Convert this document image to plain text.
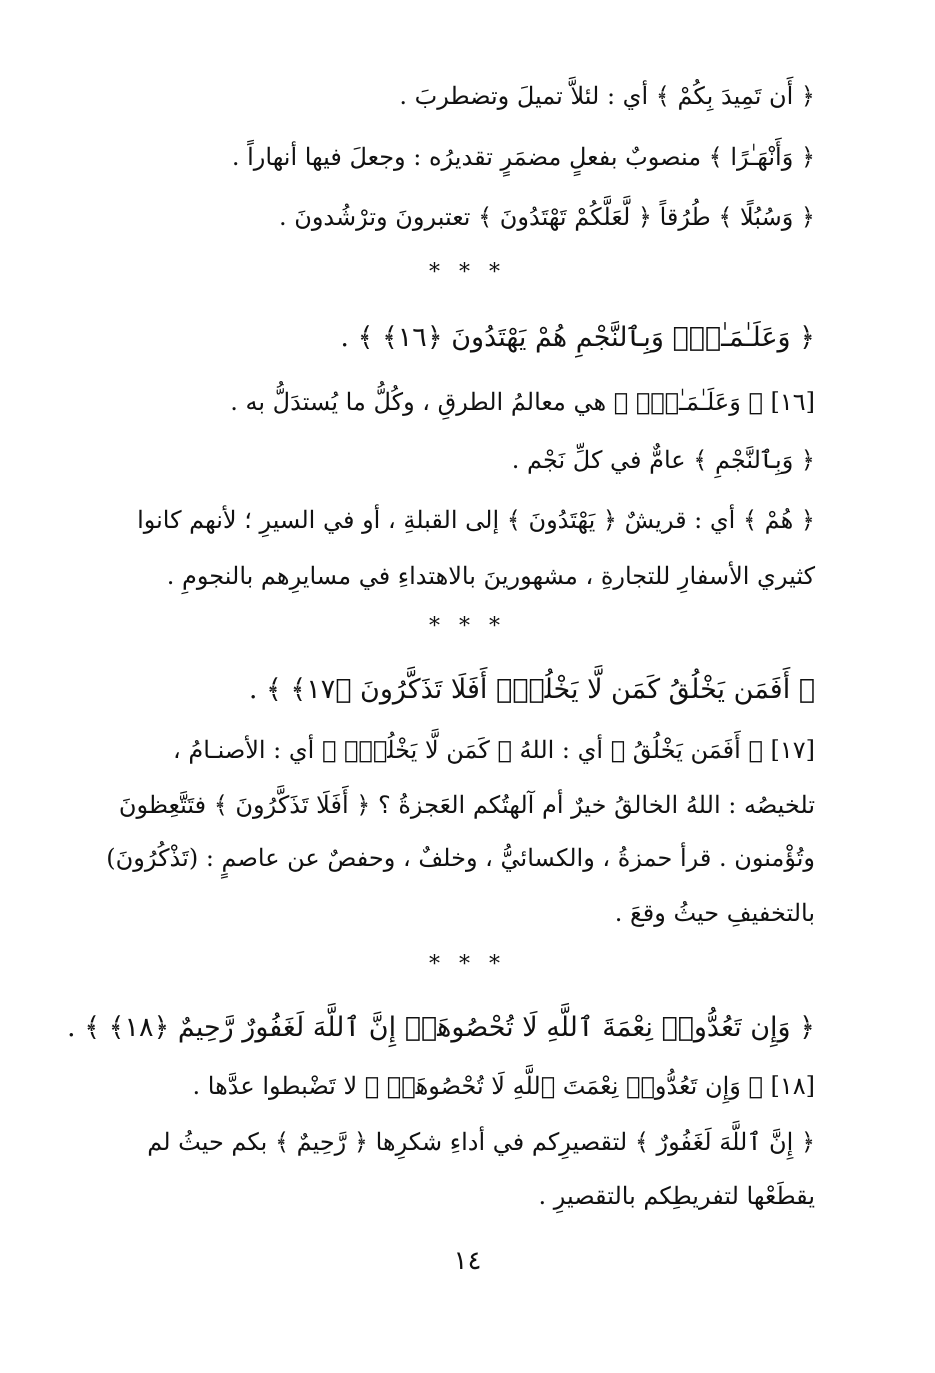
﴿ أَن تَمِيدَ بِكُمْ ﴾ أي : لئلاَّ تميلَ وتضطربَ .
﴿ وَأَنْهَـٰرًا ﴾ منصوبٌ بفعلٍ مضمَرٍ تقديرُه : وجعلَ فيها أنهاراً .
﴿ وَسُبُلًا ﴾ طُرُقاً ﴿ لَّعَلَّكُمْ تَهْتَدُونَ ﴾ تعتبرونَ وترْشُدونَ .
﴿ وَعَلَـٰمَـٰتٍۚ وَبِٱلنَّجْمِ هُمْ يَهْتَدُونَ ﴿١٦﴾ ﴾ .
[١٦] ﴿ وَعَلَـٰمَـٰتٍۚ ﴾ هي معالمُ الطرقِ ، وكُلُّ ما يُستدَلُّ به .
﴿ وَبِٱلنَّجْمِ ﴾ عامٌّ في كلِّ نَجْم .
﴿ هُمْ ﴾ أي : قريشٌ ﴿ يَهْتَدُونَ ﴾ إلى القبلةِ ، أو في السيرِ ؛ لأنهم كانوا
كثيري الأسفارِ للتجارةِ ، مشهورينَ بالاهتداءِ في مسايرِهم بالنجومِ .
﴿ أَفَمَن يَخْلُقُ كَمَن لَّا يَخْلُقُۚ أَفَلَا تَذَكَّرُونَ ﴿١٧﴾ ﴾ .
[١٧] ﴿ أَفَمَن يَخْلُقُ ﴾ أي : اللهُ ﴿ كَمَن لَّا يَخْلُقُۚ ﴾ أي : الأصنـامُ ،
تلخيصُه : اللهُ الخالقُ خيرٌ أم آلهتُكم العَجزةُ ؟ ﴿ أَفَلَا تَذَكَّرُونَ ﴾ فتَتَّعِظونَ
وتُؤْمنون . قرأ حمزةُ ، والكسائيُّ ، وخلفٌ ، وحفصٌ عن عاصمٍ : (تَذْكُرُونَ)
بالتخفيفِ حيثُ وقعَ .
﴿ وَإِن تَعُدُّوا۟ نِعْمَةَ ٱللَّهِ لَا تُحْصُوهَآۗ إِنَّ ٱللَّهَ لَغَفُورٌ رَّحِيمٌ ﴿١٨﴾ ﴾ .
[١٨] ﴿ وَإِن تَعُدُّوا۟ نِعْمَتَ ٱللَّهِ لَا تُحْصُوهَآۗ ﴾ لا تَضْبطوا عدَّها .
﴿ إِنَّ ٱللَّهَ لَغَفُورٌ ﴾ لتقصيرِكم في أداءِ شكرِها ﴿ رَّحِيمٌ ﴾ بكم حيثُ لم
يقطَعْها لتفريطِكم بالتقصيرِ .
* * *
* * *
* * *
١٤
